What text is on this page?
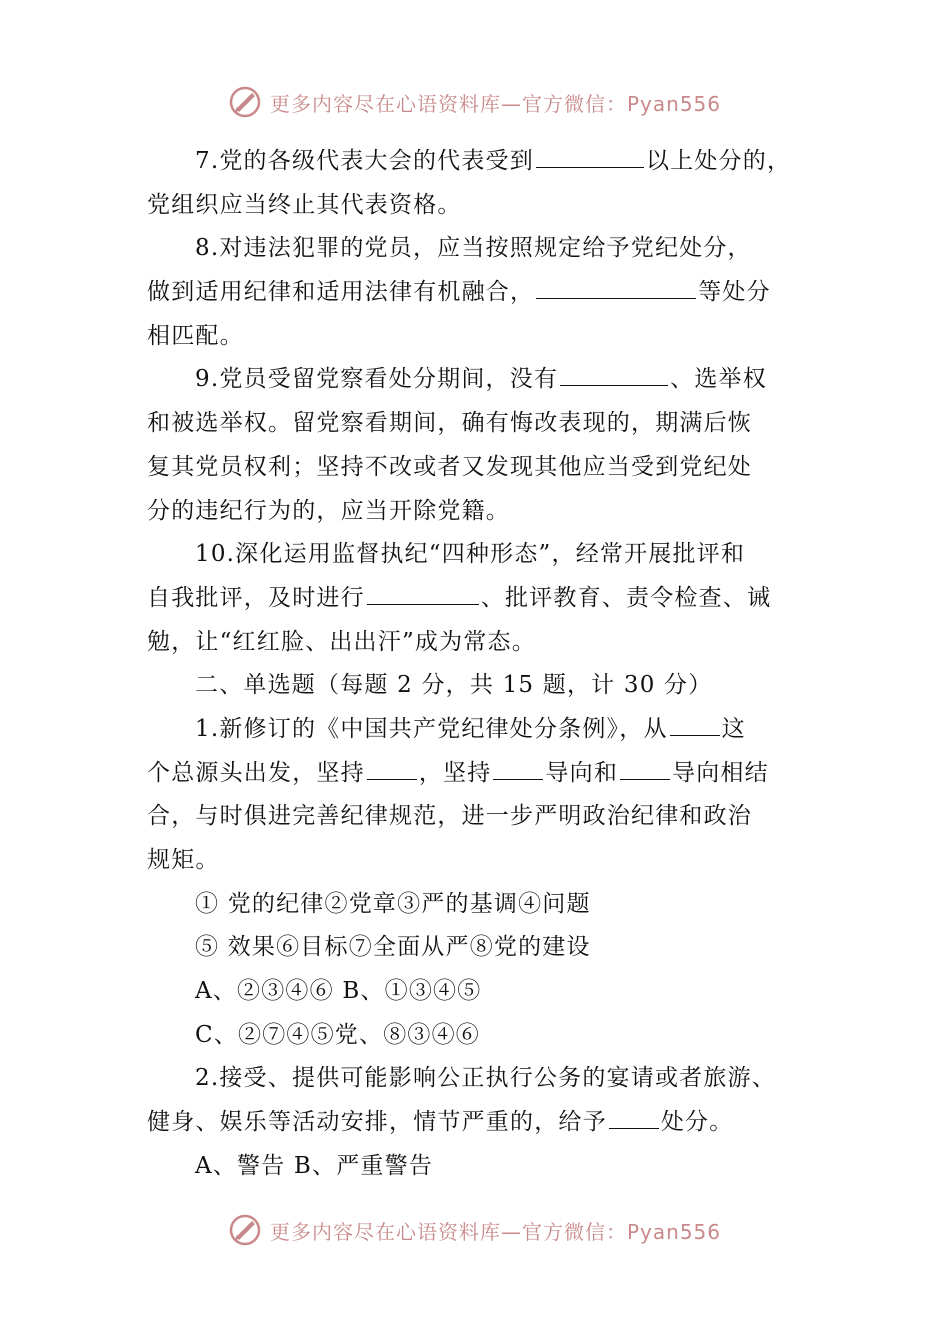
更多内容尽在心语资料库—官方微信：Pyan556
7.党的各级代表大会的代表受到	以上处分的，
党组织应当终止其代表资格。
8.对违法犯罪的党员，应当按照规定给予党纪处分，
做到适用纪律和适用法律有机融合，	等处分
相匹配。
9.党员受留党察看处分期间，没有	、选举权
和被选举权。留党察看期间，确有悔改表现的，期满后恢
复其党员权利；坚持不改或者又发现其他应当受到党纪处
分的违纪行为的，应当开除党籍。
10.深化运用监督执纪“四种形态”，经常开展批评和
自我批评，及时进行	、批评教育、责令检查、诫
勉，让“红红脸、出出汗”成为常态。
二、单选题（每题 2 分，共 15 题，计 30 分）
1.新修订的《中国共产党纪律处分条例》，从 这
个总源头出发，坚持 ，坚持 导向和 导向相结
合，与时俱进完善纪律规范，进一步严明政治纪律和政治
规矩。
① 党的纪律②党章③严的基调④问题
⑤ 效果⑥目标⑦全面从严⑧党的建设
A、②③④⑥ B、①③④⑤
C、②⑦④⑤党、⑧③④⑥
2.接受、提供可能影响公正执行公务的宴请或者旅游、
健身、娱乐等活动安排，情节严重的，给予 处分。
A、警告 B、严重警告
更多内容尽在心语资料库—官方微信：Pyan556
